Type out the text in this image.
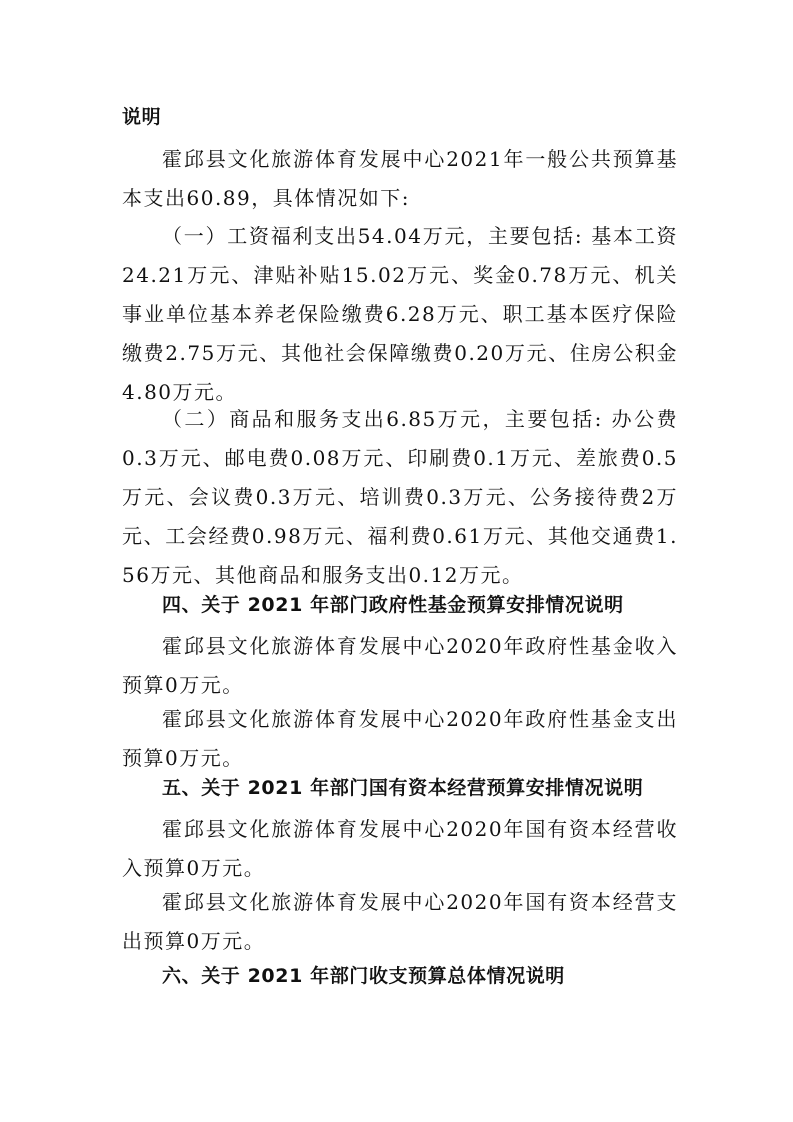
说明

霍邱县文化旅游体育发展中心2021年一般公共预算基本支出60.89，具体情况如下:

（一）工资福利支出54.04万元，主要包括: 基本工资24.21万元、津贴补贴15.02万元、奖金0.78万元、机关事业单位基本养老保险缴费6.28万元、职工基本医疗保险缴费2.75万元、其他社会保障缴费0.20万元、住房公积金4.80万元。

（二）商品和服务支出6.85万元，主要包括: 办公费0.3万元、邮电费0.08万元、印刷费0.1万元、差旅费0.5万元、会议费0.3万元、培训费0.3万元、公务接待费2万元、工会经费0.98万元、福利费0.61万元、其他交通费1.56万元、其他商品和服务支出0.12万元。

四、关于 2021 年部门政府性基金预算安排情况说明

霍邱县文化旅游体育发展中心2020年政府性基金收入预算0万元。

霍邱县文化旅游体育发展中心2020年政府性基金支出预算0万元。

五、关于 2021 年部门国有资本经营预算安排情况说明

霍邱县文化旅游体育发展中心2020年国有资本经营收入预算0万元。

霍邱县文化旅游体育发展中心2020年国有资本经营支出预算0万元。

六、关于 2021 年部门收支预算总体情况说明
